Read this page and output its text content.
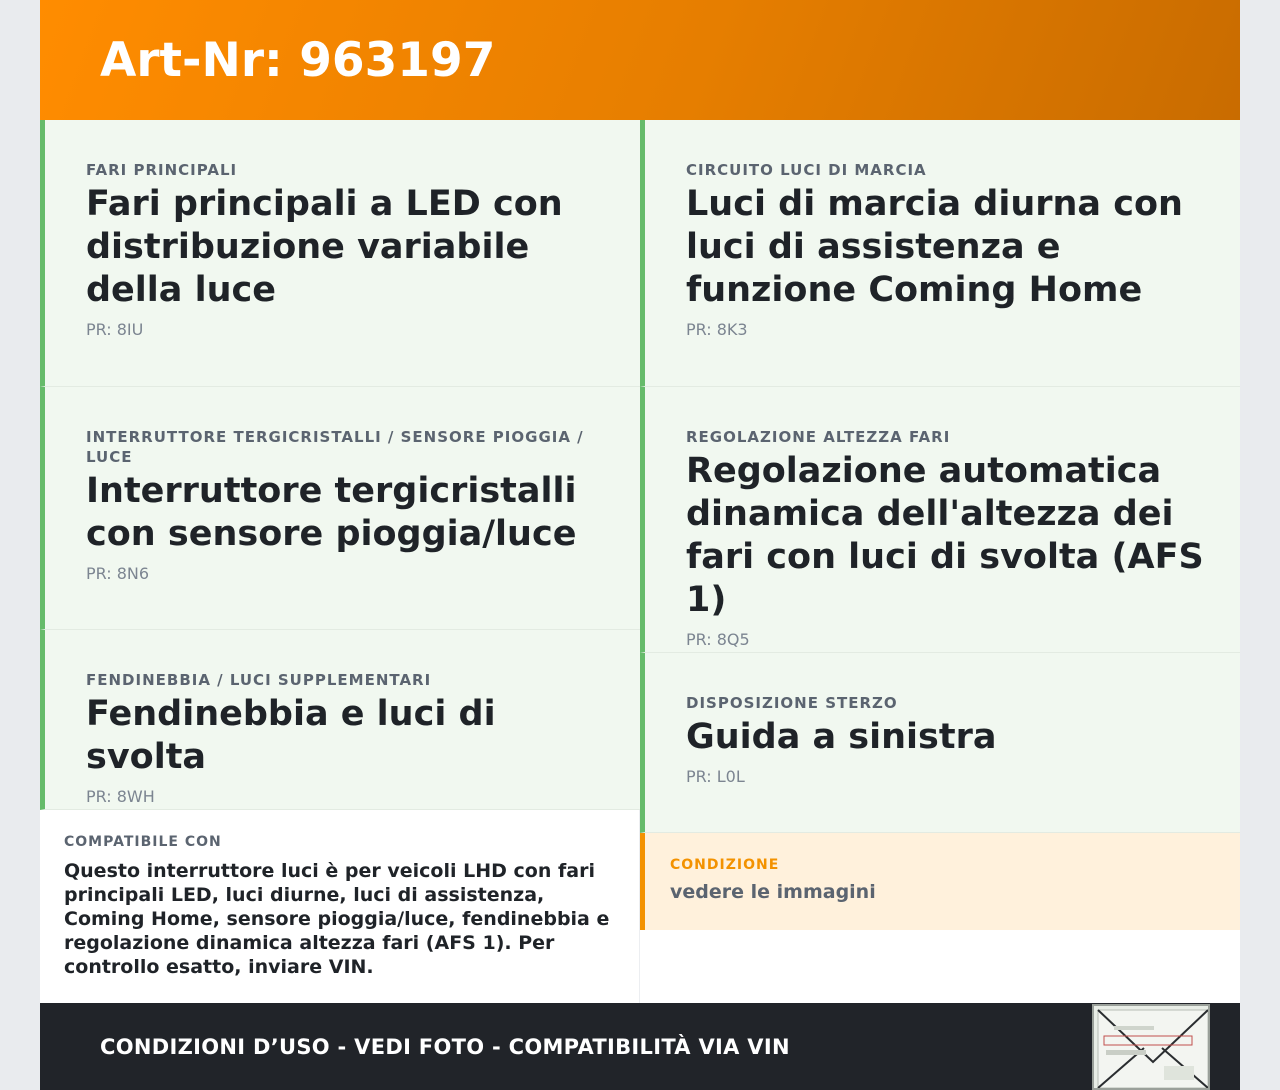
Art-Nr: 963197
FARI PRINCIPALI
Fari principali a LED con distribuzione variabile della luce
PR: 8IU
INTERRUTTORE TERGICRISTALLI / SENSORE PIOGGIA / LUCE
Interruttore tergicristalli con sensore pioggia/luce
PR: 8N6
FENDINEBBIA / LUCI SUPPLEMENTARI
Fendinebbia e luci di svolta
PR: 8WH
COMPATIBILE CON
Questo interruttore luci è per veicoli LHD con fari principali LED, luci diurne, luci di assistenza, Coming Home, sensore pioggia/luce, fendinebbia e regolazione dinamica altezza fari (AFS 1). Per controllo esatto, inviare VIN.
CIRCUITO LUCI DI MARCIA
Luci di marcia diurna con luci di assistenza e funzione Coming Home
PR: 8K3
REGOLAZIONE ALTEZZA FARI
Regolazione automatica dinamica dell'altezza dei fari con luci di svolta (AFS 1)
PR: 8Q5
DISPOSIZIONE STERZO
Guida a sinistra
PR: L0L
CONDIZIONE
vedere le immagini
CONDIZIONI D’USO - VEDI FOTO - COMPATIBILITÀ VIA VIN
